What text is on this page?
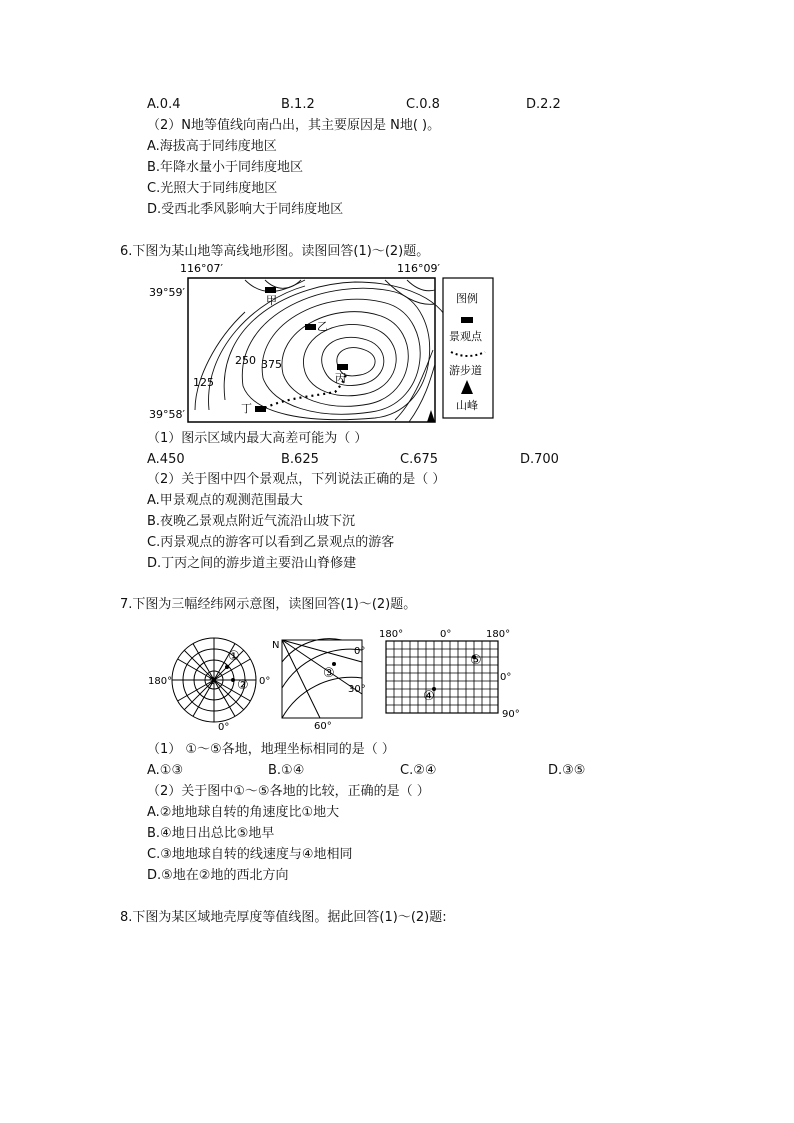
A.0.4	B.1.2	C.0.8	D.2.2
（2）N地等值线向南凸出，其主要原因是 N地( )。
A.海拔高于同纬度地区
B.年降水量小于同纬度地区
C.光照大于同纬度地区
D.受西北季风影响大于同纬度地区
6.下图为某山地等高线地形图。读图回答(1)～(2)题。
116°07′	116°09′
39°59′
39°58′
250 375
125
甲
乙
丙
丁
图例
景观点
游步道
山峰
（1）图示区域内最大高差可能为（ ）
A.450	B.625	C.675	D.700
（2）关于图中四个景观点，下列说法正确的是（ ）
A.甲景观点的观测范围最大
B.夜晚乙景观点附近气流沿山坡下沉
C.丙景观点的游客可以看到乙景观点的游客
D.丁丙之间的游步道主要沿山脊修建
7.下图为三幅经纬网示意图，读图回答(1)～(2)题。
180°	0°
0°
S
①
②
N
0°
30°
60°
③
180°	0°	180°
0°
90°
⑤
④
（1） ①～⑤各地，地理坐标相同的是（ ）
A.①③	B.①④	C.②④	D.③⑤
（2）关于图中①～⑤各地的比较，正确的是（ ）
A.②地地球自转的角速度比①地大
B.④地日出总比⑤地早
C.③地地球自转的线速度与④地相同
D.⑤地在②地的西北方向
8.下图为某区域地壳厚度等值线图。据此回答(1)～(2)题:
